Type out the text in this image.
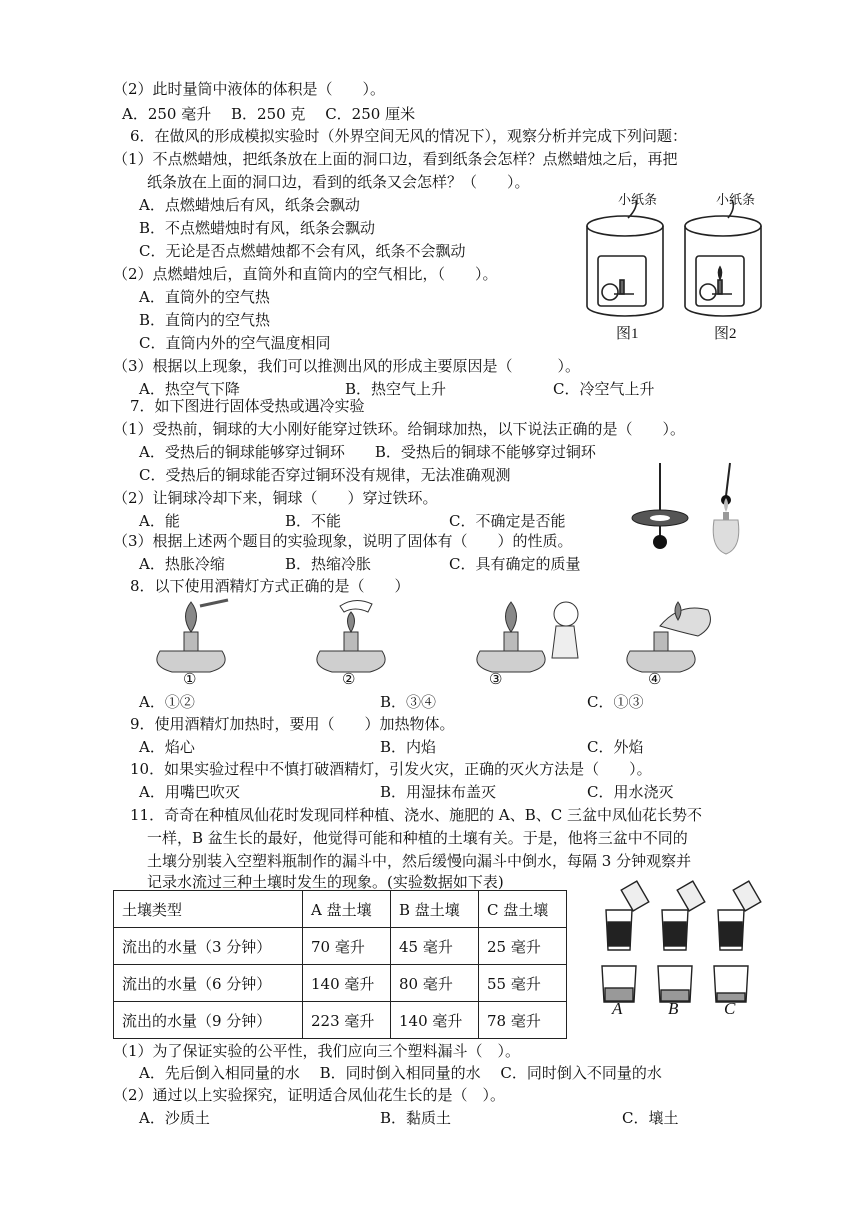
（2）此时量筒中液体的体积是（　　）。
A．250 毫升　 B．250 克　 C．250 厘米
6．在做风的形成模拟实验时（外界空间无风的情况下），观察分析并完成下列问题：
（1）不点燃蜡烛，把纸条放在上面的洞口边，看到纸条会怎样？点燃蜡烛之后，再把
纸条放在上面的洞口边，看到的纸条又会怎样？（　　）。
A．点燃蜡烛后有风，纸条会飘动
B．不点燃蜡烛时有风，纸条会飘动
C．无论是否点燃蜡烛都不会有风，纸条不会飘动
（2）点燃蜡烛后，直筒外和直筒内的空气相比，（　　）。
A．直筒外的空气热
B．直筒内的空气热
C．直筒内外的空气温度相同
（3）根据以上现象，我们可以推测出风的形成主要原因是（　　　）。
A．热空气下降	B．热空气上升	C．冷空气上升
小纸条	小纸条
图1	图2
7．如下图进行固体受热或遇冷实验
（1）受热前，铜球的大小刚好能穿过铁环。给铜球加热，以下说法正确的是（　　）。
A．受热后的铜球能够穿过铜环　　B．受热后的铜球不能够穿过铜环
C．受热后的铜球能否穿过铜环没有规律，无法准确观测
（2）让铜球冷却下来，铜球（　　）穿过铁环。
A．能	B．不能	C．不确定是否能
（3）根据上述两个题目的实验现象，说明了固体有（　　）的性质。
A．热胀冷缩	B．热缩冷胀	C．具有确定的质量
8．以下使用酒精灯方式正确的是（　　）
①	②	③	④
A．①②	B．③④	C．①③
9．使用酒精灯加热时，要用（　　）加热物体。
A．焰心	B．内焰	C．外焰
10．如果实验过程中不慎打破酒精灯，引发火灾，正确的灭火方法是（　　）。
A．用嘴巴吹灭	B．用湿抹布盖灭	C．用水浇灭
11．奇奇在种植凤仙花时发现同样种植、浇水、施肥的 A、B、C 三盆中凤仙花长势不
一样，B 盆生长的最好，他觉得可能和种植的土壤有关。于是，他将三盆中不同的
土壤分别装入空塑料瓶制作的漏斗中，然后缓慢向漏斗中倒水，每隔 3 分钟观察并
记录水流过三种土壤时发生的现象。(实验数据如下表)
土壤类型	A 盘土壤	B 盘土壤	C 盘土壤
流出的水量（3 分钟）	70 毫升	45 毫升	25 毫升
流出的水量（6 分钟）	140 毫升	80 毫升	55 毫升
流出的水量（9 分钟）	223 毫升	140 毫升	78 毫升
A	B	C
（1）为了保证实验的公平性，我们应向三个塑料漏斗（　）。
A．先后倒入相同量的水　 B．同时倒入相同量的水　 C．同时倒入不同量的水
（2）通过以上实验探究，证明适合凤仙花生长的是（　）。
A．沙质土	B．黏质土	C．壤土
